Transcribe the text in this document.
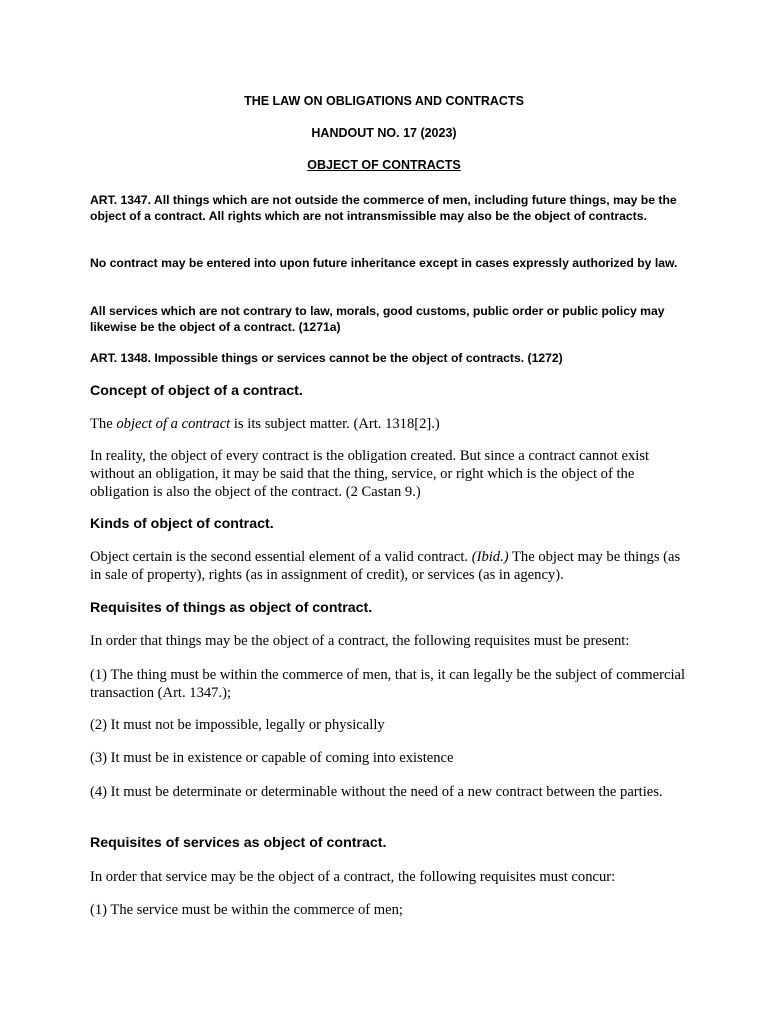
THE LAW ON OBLIGATIONS AND CONTRACTS
HANDOUT NO. 17 (2023)
OBJECT OF CONTRACTS
ART. 1347. All things which are not outside the commerce of men, including future things, may be the object of a contract. All rights which are not intransmissible may also be the object of contracts.
No contract may be entered into upon future inheritance except in cases expressly authorized by law.
All services which are not contrary to law, morals, good customs, public order or public policy may likewise be the object of a contract. (1271a)
ART. 1348. Impossible things or services cannot be the object of contracts. (1272)
Concept of object of a contract.
The object of a contract is its subject matter. (Art. 1318[2].)
In reality, the object of every contract is the obligation created. But since a contract cannot exist without an obligation, it may be said that the thing, service, or right which is the object of the obligation is also the object of the contract. (2 Castan 9.)
Kinds of object of contract.
Object certain is the second essential element of a valid contract. (Ibid.) The object may be things (as in sale of property), rights (as in assignment of credit), or services (as in agency).
Requisites of things as object of contract.
In order that things may be the object of a contract, the following requisites must be present:
(1) The thing must be within the commerce of men, that is, it can legally be the subject of commercial transaction (Art. 1347.);
(2) It must not be impossible, legally or physically
(3) It must be in existence or capable of coming into existence
(4) It must be determinate or determinable without the need of a new contract between the parties.
Requisites of services as object of contract.
In order that service may be the object of a contract, the following requisites must concur:
(1) The service must be within the commerce of men;
